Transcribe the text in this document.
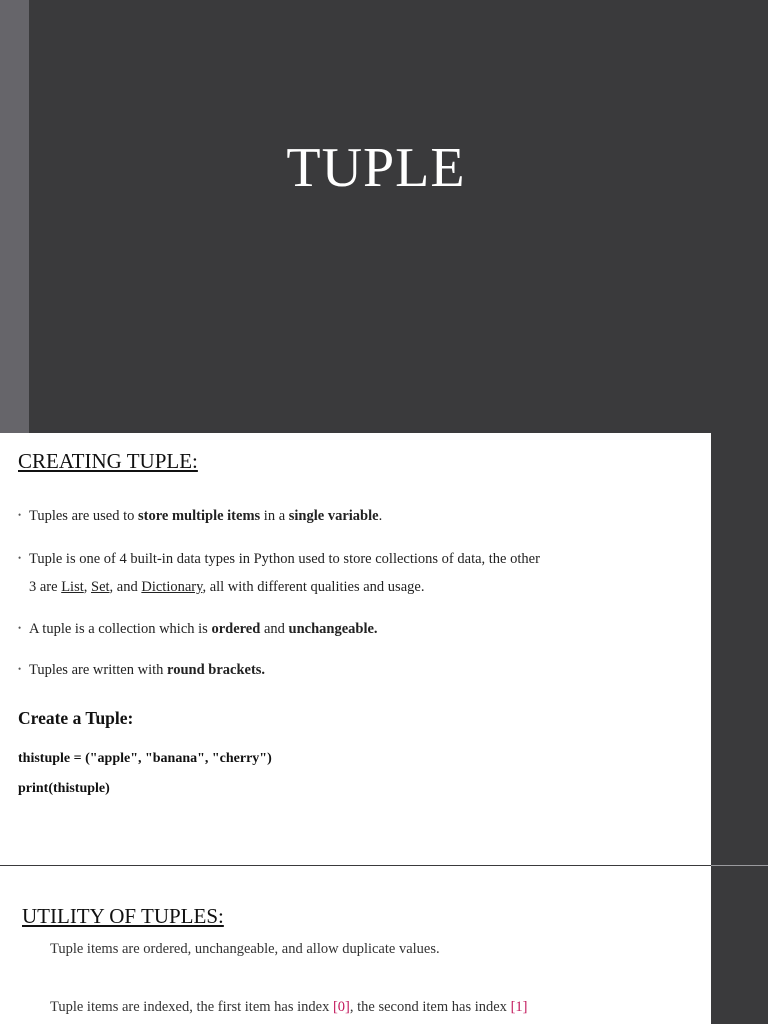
TUPLE
CREATING TUPLE:
• Tuples are used to store multiple items in a single variable.
• Tuple is one of 4 built-in data types in Python used to store collections of data, the other
3 are List, Set, and Dictionary, all with different qualities and usage.
• A tuple is a collection which is ordered and unchangeable.
• Tuples are written with round brackets.
Create a Tuple:
thistuple = ("apple", "banana", "cherry")
print(thistuple)
UTILITY OF TUPLES:
Tuple items are ordered, unchangeable, and allow duplicate values.
Tuple items are indexed, the first item has index [0], the second item has index [1]
